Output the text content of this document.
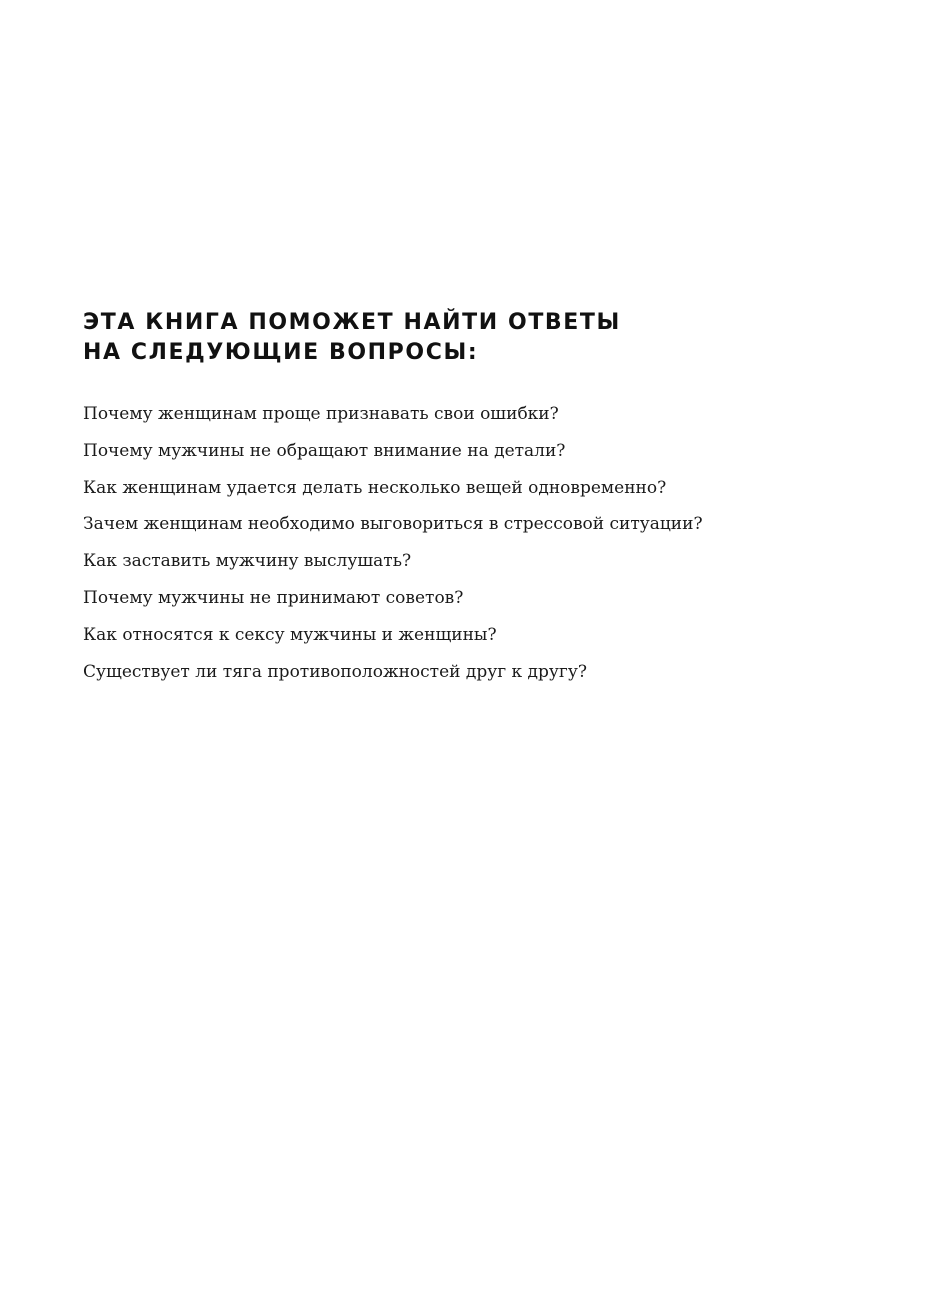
ЭТА КНИГА ПОМОЖЕТ НАЙТИ ОТВЕТЫ
НА СЛЕДУЮЩИЕ ВОПРОСЫ:
Почему женщинам проще признавать свои ошибки?
Почему мужчины не обращают внимание на детали?
Как женщинам удается делать несколько вещей одновременно?
Зачем женщинам необходимо выговориться в стрессовой ситуации?
Как заставить мужчину выслушать?
Почему мужчины не принимают советов?
Как относятся к сексу мужчины и женщины?
Существует ли тяга противоположностей друг к другу?
